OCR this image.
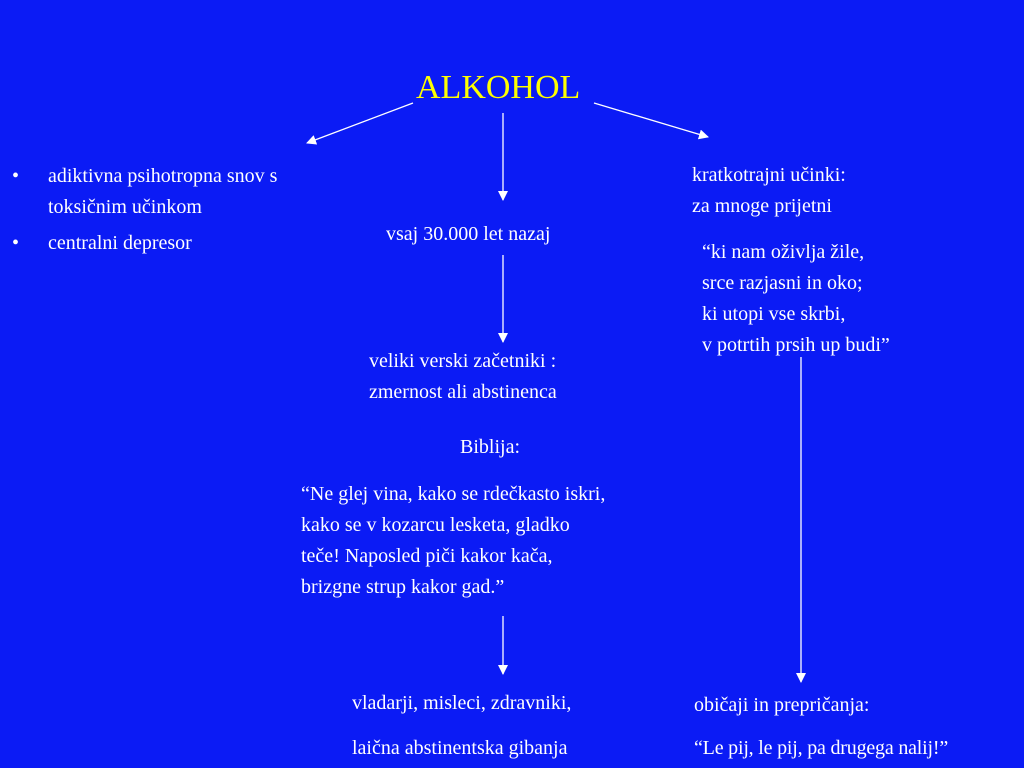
ALKOHOL
• adiktivna psihotropna snov s
toksičnim učinkom
• centralni depresor	vsaj 30.000 let nazaj
veliki verski začetniki :
zmernost ali abstinenca
Biblija:
“Ne glej vina, kako se rdečkasto iskri,
kako se v kozarcu lesketa, gladko
teče! Naposled piči kakor kača,
brizgne strup kakor gad.”
vladarji, misleci, zdravniki,
laična abstinentska gibanja
kratkotrajni učinki:
za mnoge prijetni
“ki nam oživlja žile,
srce razjasni in oko;
ki utopi vse skrbi,
v potrtih prsih up budi”
običaji in prepričanja:
“Le pij, le pij, pa drugega nalij!”
